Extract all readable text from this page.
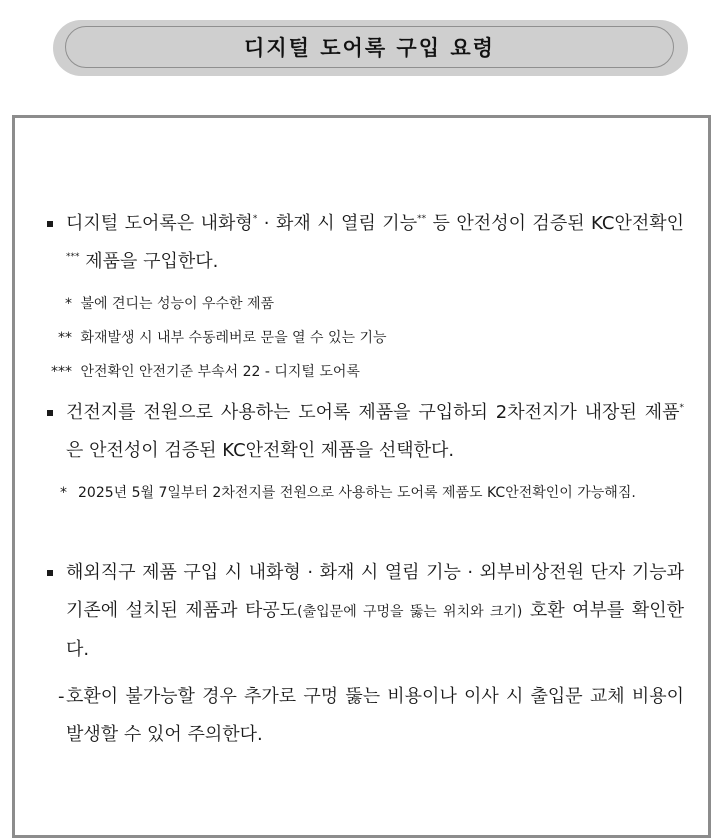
디지털 도어록 구입 요령
디지털 도어록은 내화형* · 화재 시 열림 기능** 등 안전성이 검증된 KC안전확인*** 제품을 구입한다.
* 불에 견디는 성능이 우수한 제품
** 화재발생 시 내부 수동레버로 문을 열 수 있는 기능
*** 안전확인 안전기준 부속서 22 - 디지털 도어록
건전지를 전원으로 사용하는 도어록 제품을 구입하되 2차전지가 내장된 제품*은 안전성이 검증된 KC안전확인 제품을 선택한다.
* 2025년 5월 7일부터 2차전지를 전원으로 사용하는 도어록 제품도 KC안전확인이 가능해짐.
해외직구 제품 구입 시 내화형 · 화재 시 열림 기능 · 외부비상전원 단자 기능과 기존에 설치된 제품과 타공도(출입문에 구멍을 뚫는 위치와 크기) 호환 여부를 확인한다.
- 호환이 불가능할 경우 추가로 구멍 뚫는 비용이나 이사 시 출입문 교체 비용이 발생할 수 있어 주의한다.
